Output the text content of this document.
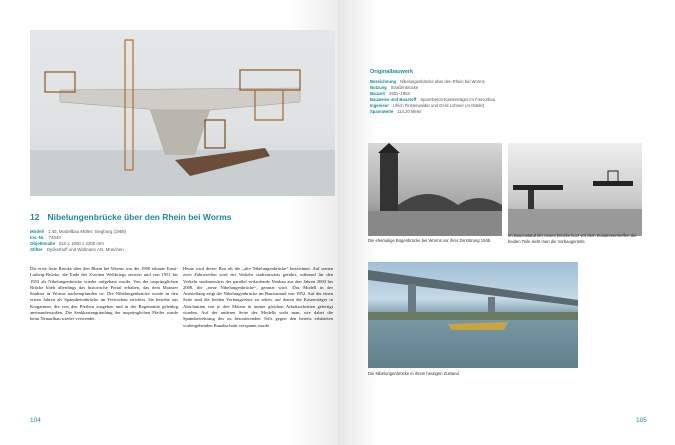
12 Nibelungenbrücke über den Rhein bei Worms
Modell 1:40, Modellbau Möller, Siegburg (1958)
Inv.-Nr. 74040
Objektmaße 810 x 1000 x 4200 mm
Stifter Dyckerhoff und Widmann AG, München
Die erste feste Brücke über den Rhein bei Worms war die 1900 erbaute Ernst-Ludwig-Brücke, die Ende des Zweiten Weltkriegs zerstört und von 1951 bis 1953 als Nibelungenbrücke wieder aufgebaut wurde. Von der ursprünglichen Brücke blieb allerdings das historische Portal erhalten, das dem Mainzer Stadttor in Worms nachempfunden ist. Die Nibelungenbrücke wurde in den ersten Jahren als Spannbetonbrücke im Freivorbau errichtet. Sie bestehe aus Kragarmen, die von den Pfeilern ausgehen und in der Bogenmitte gelenkig aneinanderstoßen. Die Senkkastengründung der ursprünglichen Pfeiler wurde beim Neuaufbau wieder verwendet.
Heute wird dieser Bau als die „alte Nibelungenbrücke“ bezeichnet. Auf seinen zwei Fahrstreifen wird der Verkehr stadteinwärts geführt, während für den Verkehr stadtauswärts der parallel verlaufende Neubau aus den Jahren 2003 bis 2008, die „neue Nibelungenbrücke“, genutzt wird. Das Modell in der Ausstellung zeigt die Nibelungenbrücke im Bauzustand von 1952. Auf der einen Seite sind die beiden Vorbaugerüste zu sehen, auf denen die Kastenträger in Abschnitten von je drei Metern in immer gleichen Arbeitsschritten gefertigt wurden. Auf der anderen Seite des Modells sieht man, wie dabei die Spannbewehrung des zu betonierenden Teils gegen den bereits erhärteten vorhergehenden Bauabschnitt verspannt wurde.
104
Originalbauwerk
Bezeichnung Nibelungenbrücke über den Rhein bei Worms
Nutzung Straßenbrücke
Bauzeit 1951–1953
Bauweise und Baustoff Spannbeton-Kastenträger im Freivorbau
Ingenieur Ulrich Finsterwalder und Gerd Lohmer (Architekt)
Spannweite 114,20 Meter
Die ehemalige Bogenbrücke bei Worms vor ihrer Zerstörung 1945.
Im Bauzustand der neuen Brücke kurz vor dem Zusammentreffen der beiden Teile sieht man die Vorbaugerüste.
Die Nibelungenbrücke in ihrem heutigen Zustand.
105
